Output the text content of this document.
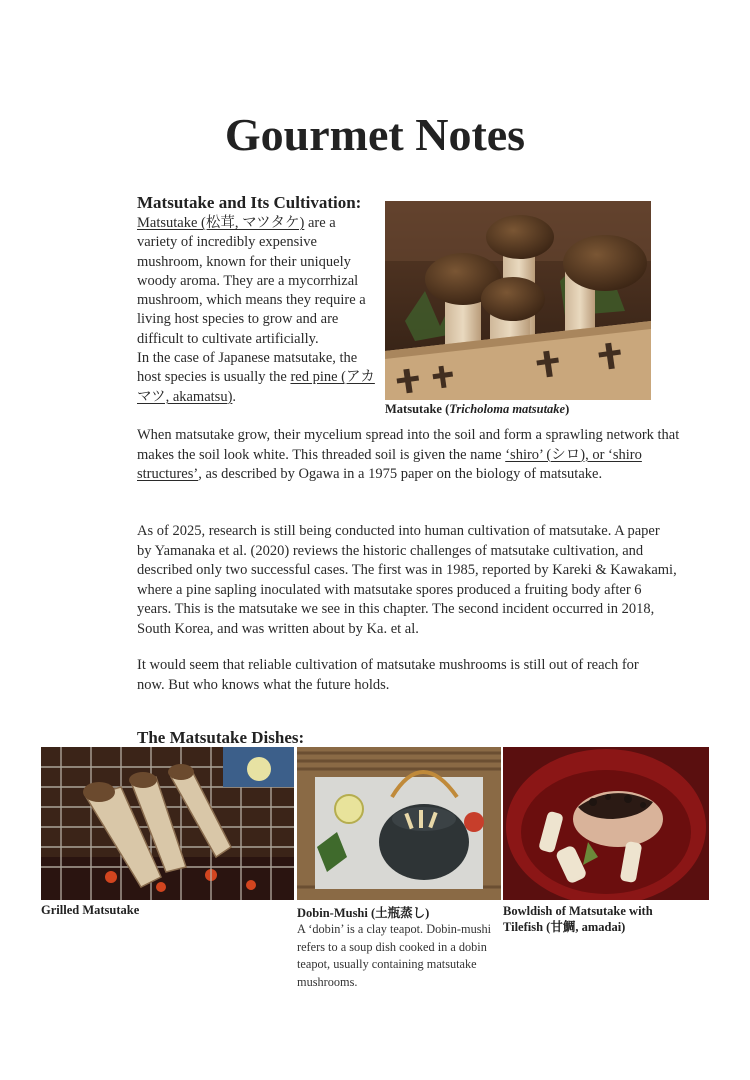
Gourmet Notes
Matsutake and Its Cultivation:
Matsutake (松茸, マツタケ) are a variety of incredibly expensive mushroom, known for their uniquely woody aroma. They are a mycorrhizal mushroom, which means they require a living host species to grow and are difficult to cultivate artificially.
In the case of Japanese matsutake, the host species is usually the red pine (アカマツ, akamatsu).
Matsutake (Tricholoma matsutake)
When matsutake grow, their mycelium spread into the soil and form a sprawling network that makes the soil look white. This threaded soil is given the name ‘shiro’ (シロ), or ‘shiro structures’, as described by Ogawa in a 1975 paper on the biology of matsutake.
As of 2025, research is still being conducted into human cultivation of matsutake. A paper by Yamanaka et al. (2020) reviews the historic challenges of matsutake cultivation, and described only two successful cases. The first was in 1985, reported by Kareki & Kawakami, where a pine sapling inoculated with matsutake spores produced a fruiting body after 6 years. This is the matsutake we see in this chapter. The second incident occurred in 2018, South Korea, and was written about by Ka. et al.
It would seem that reliable cultivation of matsutake mushrooms is still out of reach for now. But who knows what the future holds.
The Matsutake Dishes:
Grilled Matsutake	Dobin-Mushi (土瓶蒸し)
A ‘dobin’ is a clay teapot. Dobin-mushi refers to a soup dish cooked in a dobin teapot, usually containing matsutake mushrooms.
Bowldish of Matsutake with Tilefish (甘鯛, amadai)
